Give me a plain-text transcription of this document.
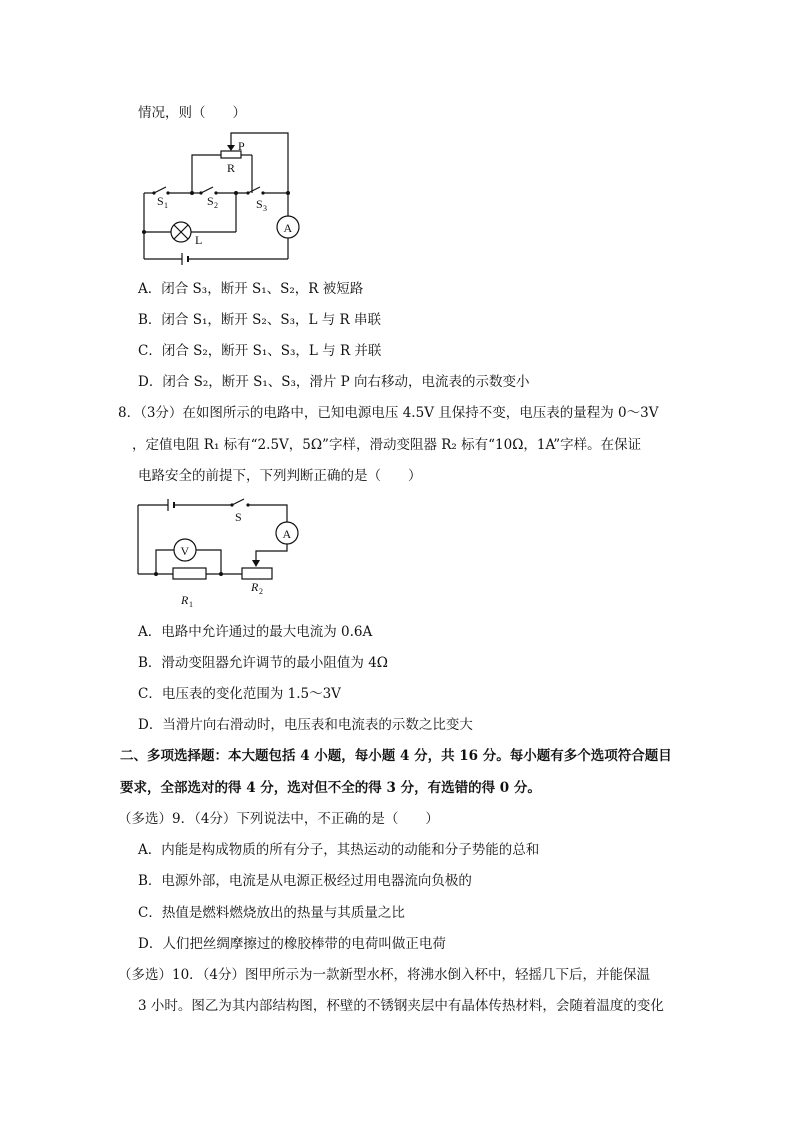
情况，则（　　）
A
P
R
S 1	S 2	S 3
L
A．闭合 S₃，断开 S₁、S₂，R 被短路
B．闭合 S₁，断开 S₂、S₃，L 与 R 串联
C．闭合 S₂，断开 S₁、S₃，L 与 R 并联
D．闭合 S₂，断开 S₁、S₃，滑片 P 向右移动，电流表的示数变小
8．（3分）在如图所示的电路中，已知电源电压 4.5V 且保持不变，电压表的量程为 0～3V
，定值电阻 R₁ 标有“2.5V，5Ω”字样，滑动变阻器 R₂ 标有“10Ω，1A”字样。在保证
电路安全的前提下，下列判断正确的是（　　）
V
A
S
R 1
R 2
A．电路中允许通过的最大电流为 0.6A
B．滑动变阻器允许调节的最小阻值为 4Ω
C．电压表的变化范围为 1.5～3V
D．当滑片向右滑动时，电压表和电流表的示数之比变大
二、多项选择题：本大题包括 4 小题，每小题 4 分，共 16 分。每小题有多个选项符合题目
要求，全部选对的得 4 分，选对但不全的得 3 分，有选错的得 0 分。
（多选）9．（4分）下列说法中，不正确的是（　　）
A．内能是构成物质的所有分子，其热运动的动能和分子势能的总和
B．电源外部，电流是从电源正极经过用电器流向负极的
C．热值是燃料燃烧放出的热量与其质量之比
D．人们把丝绸摩擦过的橡胶棒带的电荷叫做正电荷
（多选）10．（4分）图甲所示为一款新型水杯，将沸水倒入杯中，轻摇几下后，并能保温
3 小时。图乙为其内部结构图，杯壁的不锈钢夹层中有晶体传热材料，会随着温度的变化
